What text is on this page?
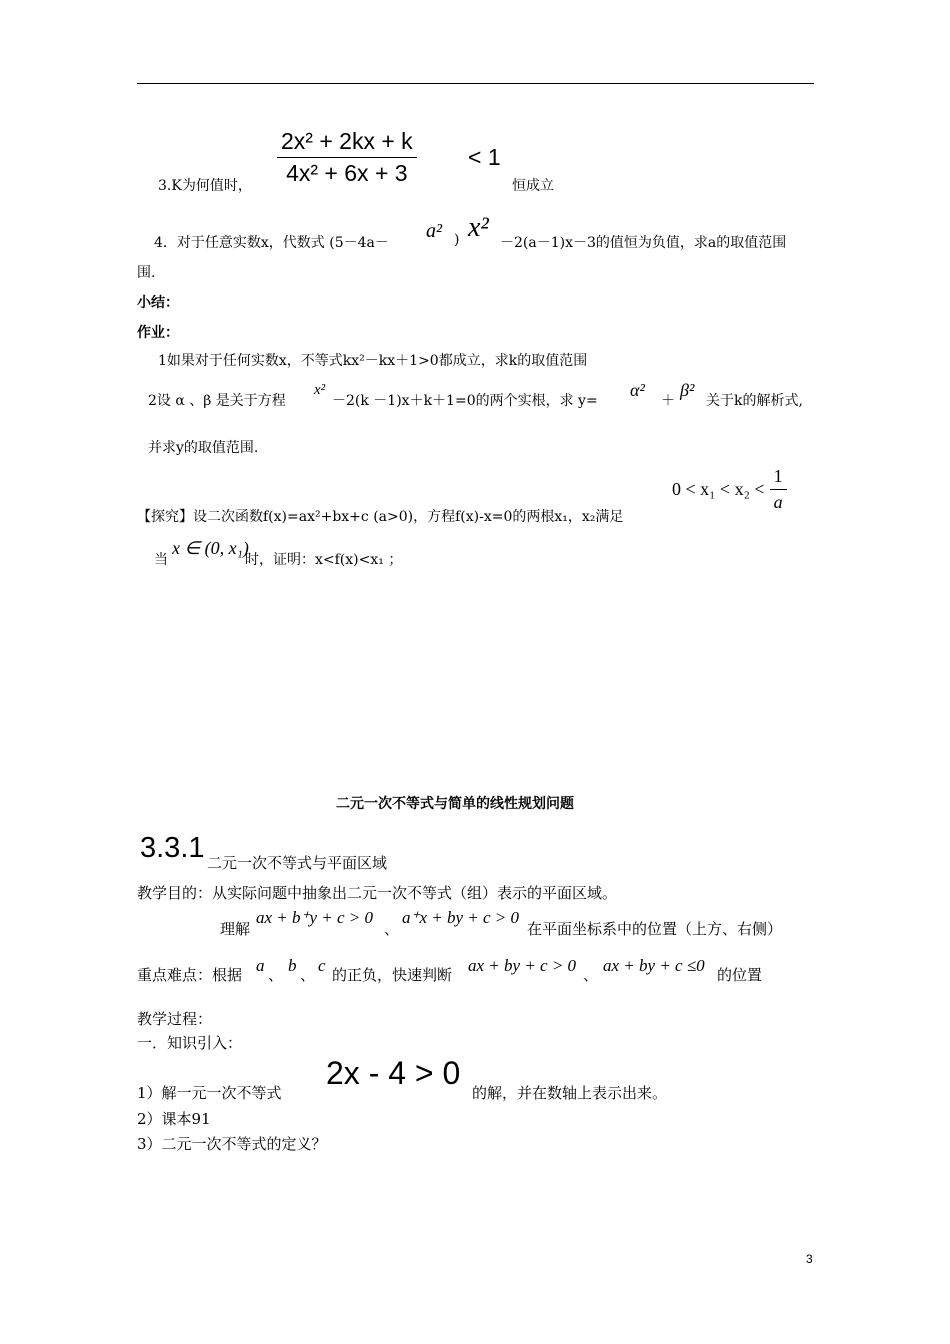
3.K为何值时， $\frac{\text{2x² + 2kx + k}}{\text{4x² + 6x + 3}} < 1$
恒成立
4．对于任意实数x，代数式 (5－4a－
a² ) x² －2(a－1)x－3的值恒为负值，求a的取值范围
围.
小结：
作业：
1如果对于任何实数x，不等式kx²－kx＋1>0都成立，求k的取值范围
2设 α 、β 是关于方程
x²
－2(k －1)x＋k＋1=0的两个实根，求 y=
α²
＋
β²
关于k的解析式,
并求y的取值范围.
$0 < x_1 < x_2 < \frac{1}{a}$
【探究】设二次函数f(x)=ax²+bx+c (a>0)，方程f(x)-x=0的两根x₁，x₂满足
当
x ∈ (0, x₁)
时，证明：x<f(x)<x₁ ；
二元一次不等式与简单的线性规划问题
3.3.1 二元一次不等式与平面区域
教学目的：从实际问题中抽象出二元一次不等式（组）表示的平面区域。
理解
ax + b⁺y + c > 0
、
a⁺x + by + c > 0
在平面坐标系中的位置（上方、右侧）
重点难点：根据 a 、 b 、 c 的正负，快速判断 ax + by + c > 0 、 ax + by + c ≤0 的位置
教学过程：
一．知识引入：
1）解一元一次不等式
2x - 4 > 0
的解，并在数轴上表示出来。
2）课本91
3）二元一次不等式的定义？
3
